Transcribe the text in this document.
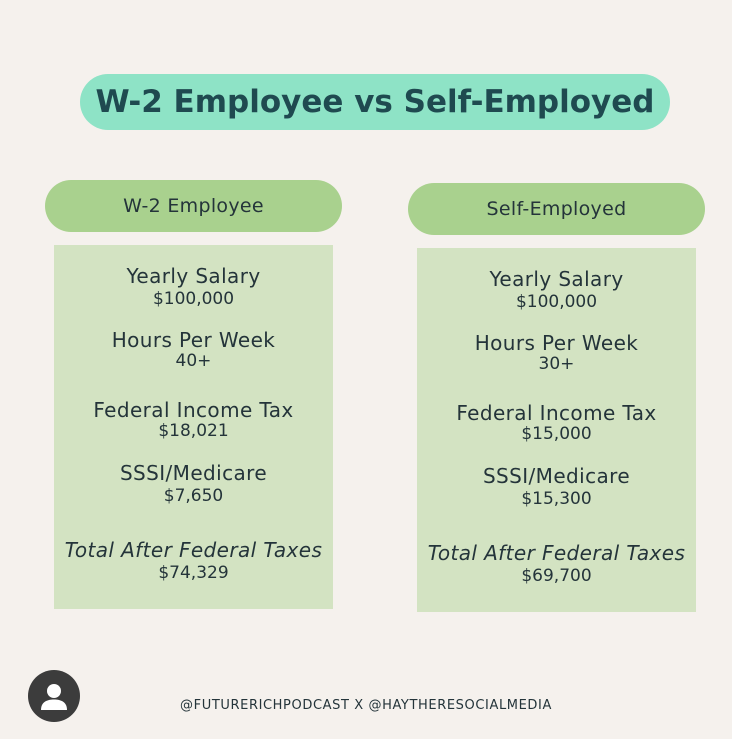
W-2 Employee vs Self-Employed
W-2 Employee
Yearly Salary
$100,000
Hours Per Week
40+
Federal Income Tax
$18,021
SSSI/Medicare
$7,650
Total After Federal Taxes
$74,329
Self-Employed
Yearly Salary
$100,000
Hours Per Week
30+
Federal Income Tax
$15,000
SSSI/Medicare
$15,300
Total After Federal Taxes
$69,700
@FUTURERICHPODCAST X @HAYTHERESOCIALMEDIA
